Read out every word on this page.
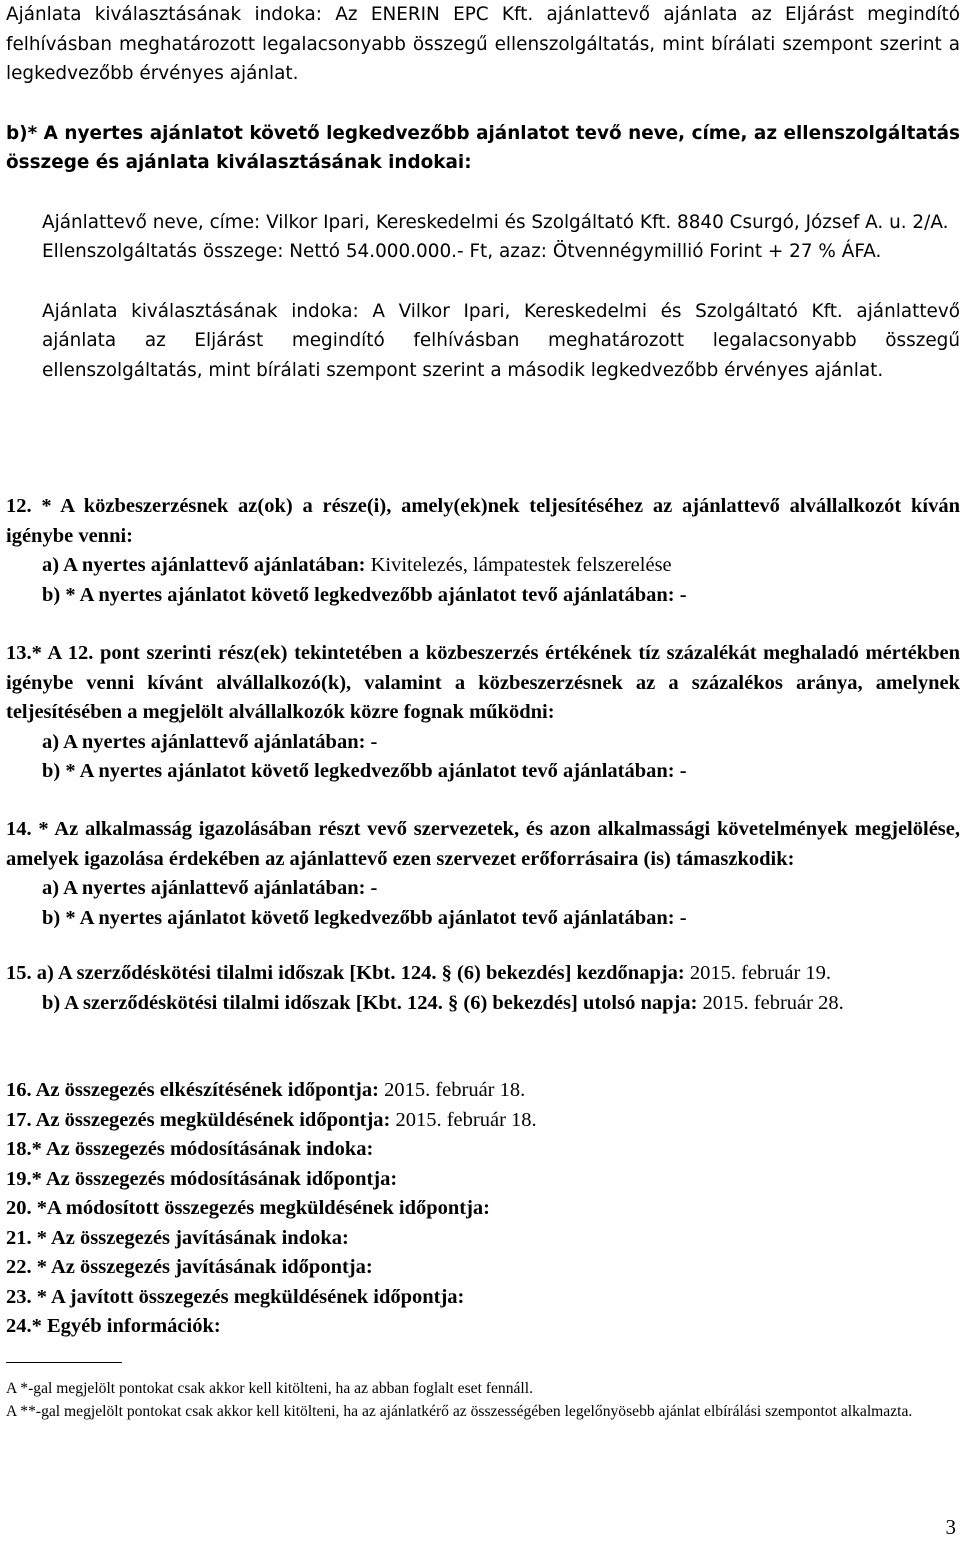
Ajánlata kiválasztásának indoka: Az ENERIN EPC Kft. ajánlattevő ajánlata az Eljárást megindító felhívásban meghatározott legalacsonyabb összegű ellenszolgáltatás, mint bírálati szempont szerint a legkedvezőbb érvényes ajánlat.

b)* A nyertes ajánlatot követő legkedvezőbb ajánlatot tevő neve, címe, az ellenszolgáltatás összege és ajánlata kiválasztásának indokai:

Ajánlattevő neve, címe: Vilkor Ipari, Kereskedelmi és Szolgáltató Kft. 8840 Csurgó, József A. u. 2/A.

Ellenszolgáltatás összege: Nettó 54.000.000.- Ft, azaz: Ötvennégymillió Forint + 27 % ÁFA.

Ajánlata kiválasztásának indoka: A Vilkor Ipari, Kereskedelmi és Szolgáltató Kft. ajánlattevő ajánlata az Eljárást megindító felhívásban meghatározott legalacsonyabb összegű ellenszolgáltatás, mint bírálati szempont szerint a második legkedvezőbb érvényes ajánlat.

12. * A közbeszerzésnek az(ok) a része(i), amely(ek)nek teljesítéséhez az ajánlattevő alvállalkozót kíván igénybe venni:

a) A nyertes ajánlattevő ajánlatában: Kivitelezés, lámpatestek felszerelése

b) * A nyertes ajánlatot követő legkedvezőbb ajánlatot tevő ajánlatában: -

13.* A 12. pont szerinti rész(ek) tekintetében a közbeszerzés értékének tíz százalékát meghaladó mértékben igénybe venni kívánt alvállalkozó(k), valamint a közbeszerzésnek az a százalékos aránya, amelynek teljesítésében a megjelölt alvállalkozók közre fognak működni:

a) A nyertes ajánlattevő ajánlatában: -

b) * A nyertes ajánlatot követő legkedvezőbb ajánlatot tevő ajánlatában: -

14. * Az alkalmasság igazolásában részt vevő szervezetek, és azon alkalmassági követelmények megjelölése, amelyek igazolása érdekében az ajánlattevő ezen szervezet erőforrásaira (is) támaszkodik:

a) A nyertes ajánlattevő ajánlatában: -

b) * A nyertes ajánlatot követő legkedvezőbb ajánlatot tevő ajánlatában: -

15. a) A szerződéskötési tilalmi időszak [Kbt. 124. § (6) bekezdés] kezdőnapja: 2015. február 19.

b) A szerződéskötési tilalmi időszak [Kbt. 124. § (6) bekezdés] utolsó napja: 2015. február 28.

16. Az összegezés elkészítésének időpontja: 2015. február 18.

17. Az összegezés megküldésének időpontja: 2015. február 18.

18.* Az összegezés módosításának indoka:

19.* Az összegezés módosításának időpontja:

20. *A módosított összegezés megküldésének időpontja:

21. * Az összegezés javításának indoka:

22. * Az összegezés javításának időpontja:

23. * A javított összegezés megküldésének időpontja:

24.* Egyéb információk:

A *-gal megjelölt pontokat csak akkor kell kitölteni, ha az abban foglalt eset fennáll.

A **-gal megjelölt pontokat csak akkor kell kitölteni, ha az ajánlatkérő az összességében legelőnyösebb ajánlat elbírálási szempontot alkalmazta.

3
